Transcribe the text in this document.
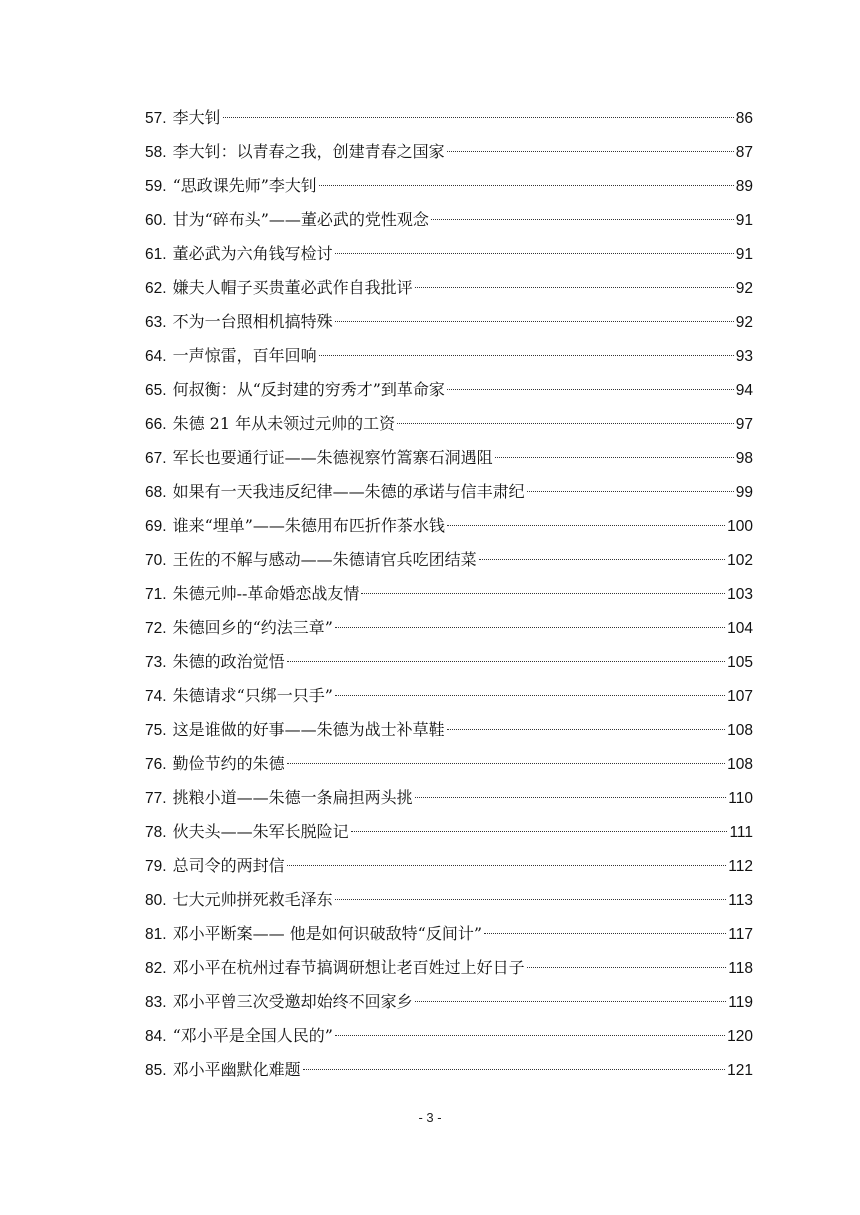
57. 李大钊	86
58. 李大钊：以青春之我，创建青春之国家	87
59. “思政课先师”李大钊	89
60. 甘为“碎布头”——董必武的党性观念	91
61. 董必武为六角钱写检讨	91
62. 嫌夫人帽子买贵董必武作自我批评	92
63. 不为一台照相机搞特殊	92
64. 一声惊雷，百年回响	93
65. 何叔衡：从“反封建的穷秀才”到革命家	94
66. 朱德 21 年从未领过元帅的工资	97
67. 军长也要通行证——朱德视察竹篙寨石洞遇阻	98
68. 如果有一天我违反纪律——朱德的承诺与信丰肃纪	99
69. 谁来“埋单”——朱德用布匹折作茶水钱	100
70. 王佐的不解与感动——朱德请官兵吃团结菜	102
71. 朱德元帅--革命婚恋战友情	103
72. 朱德回乡的“约法三章”	104
73. 朱德的政治觉悟	105
74. 朱德请求“只绑一只手”	107
75. 这是谁做的好事——朱德为战士补草鞋	108
76. 勤俭节约的朱德	108
77. 挑粮小道——朱德一条扁担两头挑	110
78. 伙夫头——朱军长脱险记	111
79. 总司令的两封信	112
80. 七大元帅拼死救毛泽东	113
81. 邓小平断案—— 他是如何识破敌特“反间计”	117
82. 邓小平在杭州过春节搞调研想让老百姓过上好日子	118
83. 邓小平曾三次受邀却始终不回家乡	119
84. “邓小平是全国人民的”	120
85. 邓小平幽默化难题	121
- 3 -
